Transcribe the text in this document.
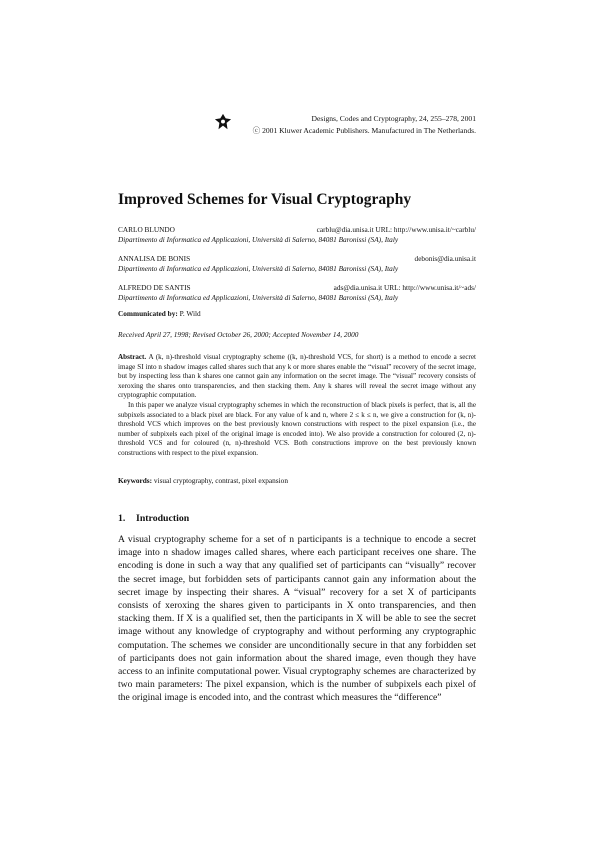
Designs, Codes and Cryptography, 24, 255–278, 2001
ⓒ 2001 Kluwer Academic Publishers. Manufactured in The Netherlands.
Improved Schemes for Visual Cryptography
CARLO BLUNDO	carblu@dia.unisa.it URL: http://www.unisa.it/~carblu/
Dipartimento di Informatica ed Applicazioni, Università di Salerno, 84081 Baronissi (SA), Italy
ANNALISA DE BONIS	debonis@dia.unisa.it
Dipartimento di Informatica ed Applicazioni, Università di Salerno, 84081 Baronissi (SA), Italy
ALFREDO DE SANTIS	ads@dia.unisa.it URL: http://www.unisa.it/~ads/
Dipartimento di Informatica ed Applicazioni, Università di Salerno, 84081 Baronissi (SA), Italy
Communicated by: P. Wild
Received April 27, 1998; Revised October 26, 2000; Accepted November 14, 2000

Abstract. A (k, n)-threshold visual cryptography scheme ((k, n)-threshold VCS, for short) is a method to encode a secret image SI into n shadow images called shares such that any k or more shares enable the “visual” recovery of the secret image, but by inspecting less than k shares one cannot gain any information on the secret image. The “visual” recovery consists of xeroxing the shares onto transparencies, and then stacking them. Any k shares will reveal the secret image without any cryptographic computation.

In this paper we analyze visual cryptography schemes in which the reconstruction of black pixels is perfect, that is, all the subpixels associated to a black pixel are black. For any value of k and n, where 2 ≤ k ≤ n, we give a construction for (k, n)-threshold VCS which improves on the best previously known constructions with respect to the pixel expansion (i.e., the number of subpixels each pixel of the original image is encoded into). We also provide a construction for coloured (2, n)-threshold VCS and for coloured (n, n)-threshold VCS. Both constructions improve on the best previously known constructions with respect to the pixel expansion.

Keywords: visual cryptography, contrast, pixel expansion
1. Introduction

A visual cryptography scheme for a set of n participants is a technique to encode a secret image into n shadow images called shares, where each participant receives one share. The encoding is done in such a way that any qualified set of participants can “visually” recover the secret image, but forbidden sets of participants cannot gain any information about the secret image by inspecting their shares. A “visual” recovery for a set X of participants consists of xeroxing the shares given to participants in X onto transparencies, and then stacking them. If X is a qualified set, then the participants in X will be able to see the secret image without any knowledge of cryptography and without performing any cryptographic computation. The schemes we consider are unconditionally secure in that any forbidden set of participants does not gain information about the shared image, even though they have access to an infinite computational power. Visual cryptography schemes are characterized by two main parameters: The pixel expansion, which is the number of subpixels each pixel of the original image is encoded into, and the contrast which measures the “difference”
